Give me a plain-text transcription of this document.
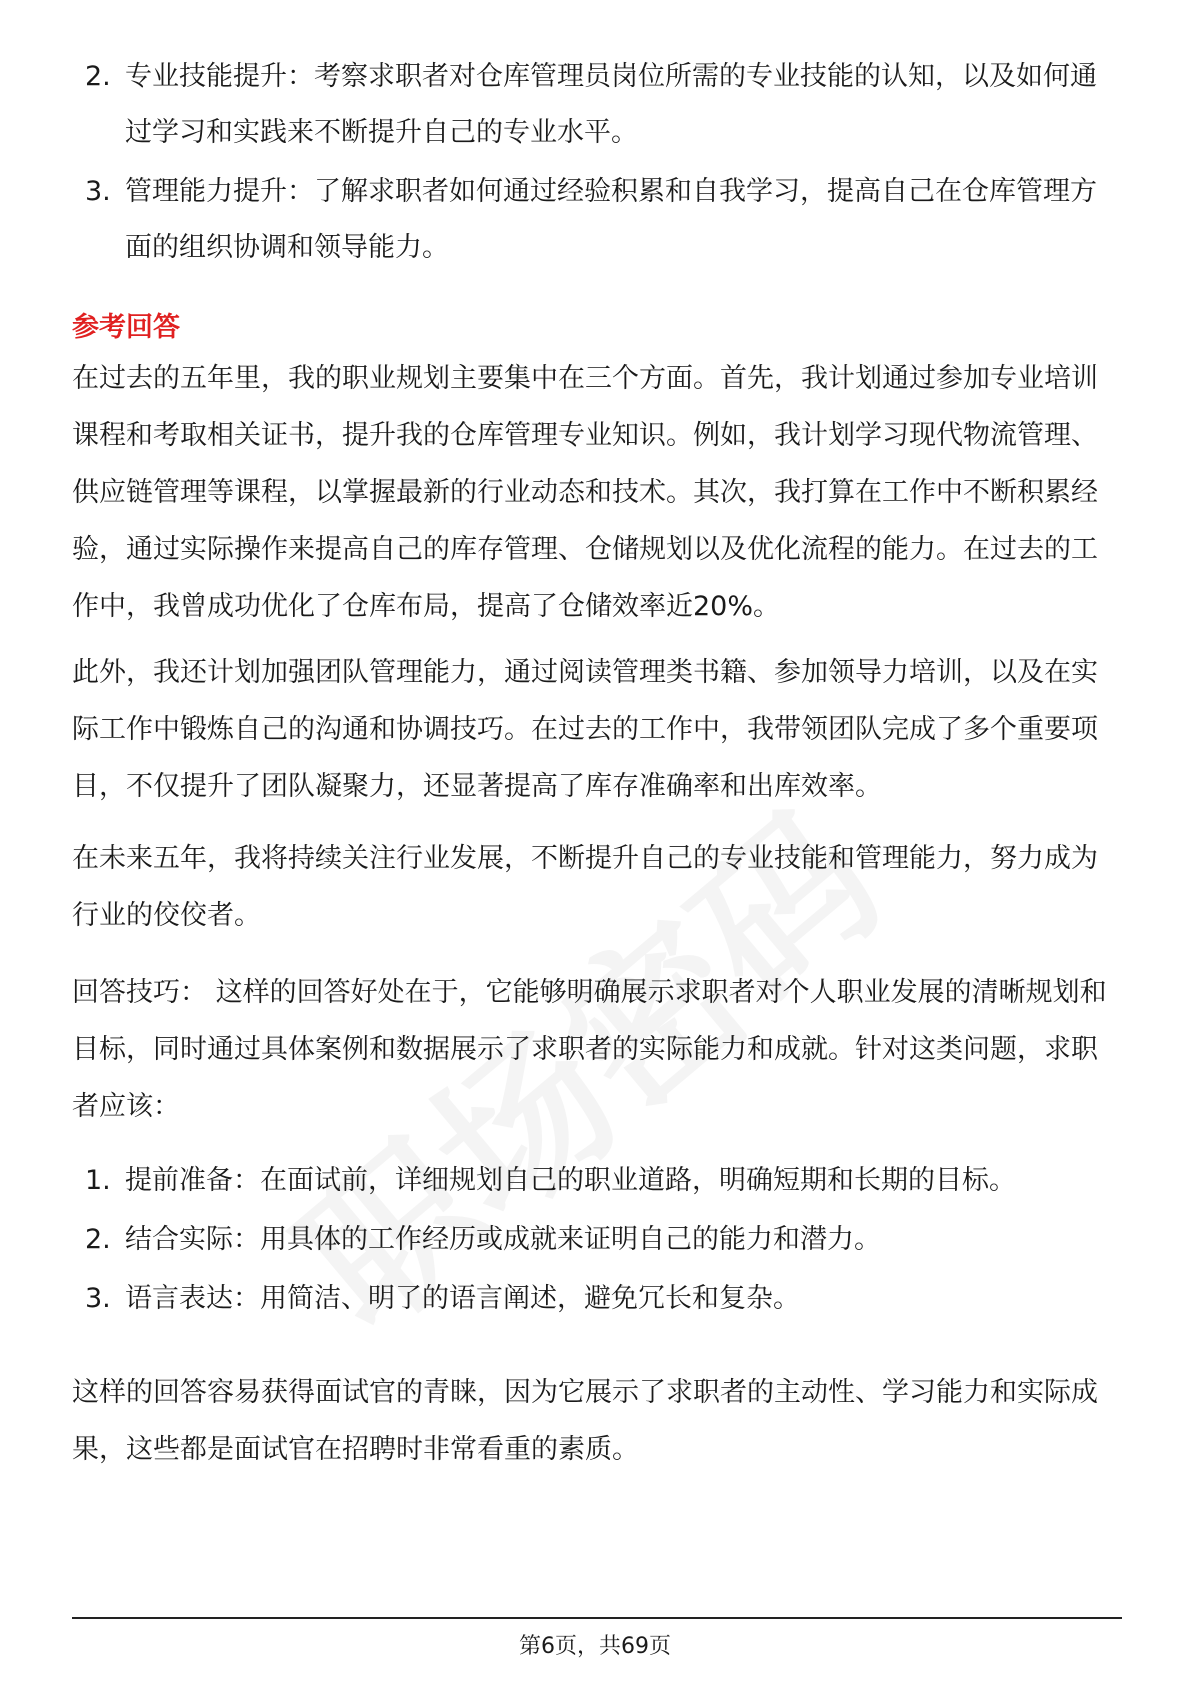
2. 专业技能提升：考察求职者对仓库管理员岗位所需的专业技能的认知，以及如何通过学习和实践来不断提升自己的专业水平。
3. 管理能力提升：了解求职者如何通过经验积累和自我学习，提高自己在仓库管理方面的组织协调和领导能力。
参考回答

在过去的五年里，我的职业规划主要集中在三个方面。首先，我计划通过参加专业培训课程和考取相关证书，提升我的仓库管理专业知识。例如，我计划学习现代物流管理、供应链管理等课程，以掌握最新的行业动态和技术。其次，我打算在工作中不断积累经验，通过实际操作来提高自己的库存管理、仓储规划以及优化流程的能力。在过去的工作中，我曾成功优化了仓库布局，提高了仓储效率近20%。

此外，我还计划加强团队管理能力，通过阅读管理类书籍、参加领导力培训，以及在实际工作中锻炼自己的沟通和协调技巧。在过去的工作中，我带领团队完成了多个重要项目，不仅提升了团队凝聚力，还显著提高了库存准确率和出库效率。

在未来五年，我将持续关注行业发展，不断提升自己的专业技能和管理能力，努力成为行业的佼佼者。

回答技巧： 这样的回答好处在于，它能够明确展示求职者对个人职业发展的清晰规划和目标，同时通过具体案例和数据展示了求职者的实际能力和成就。针对这类问题，求职者应该：

1. 提前准备：在面试前，详细规划自己的职业道路，明确短期和长期的目标。
2. 结合实际：用具体的工作经历或成就来证明自己的能力和潜力。
3. 语言表达：用简洁、明了的语言阐述，避免冗长和复杂。

这样的回答容易获得面试官的青睐，因为它展示了求职者的主动性、学习能力和实际成果，这些都是面试官在招聘时非常看重的素质。

第6页，共69页
